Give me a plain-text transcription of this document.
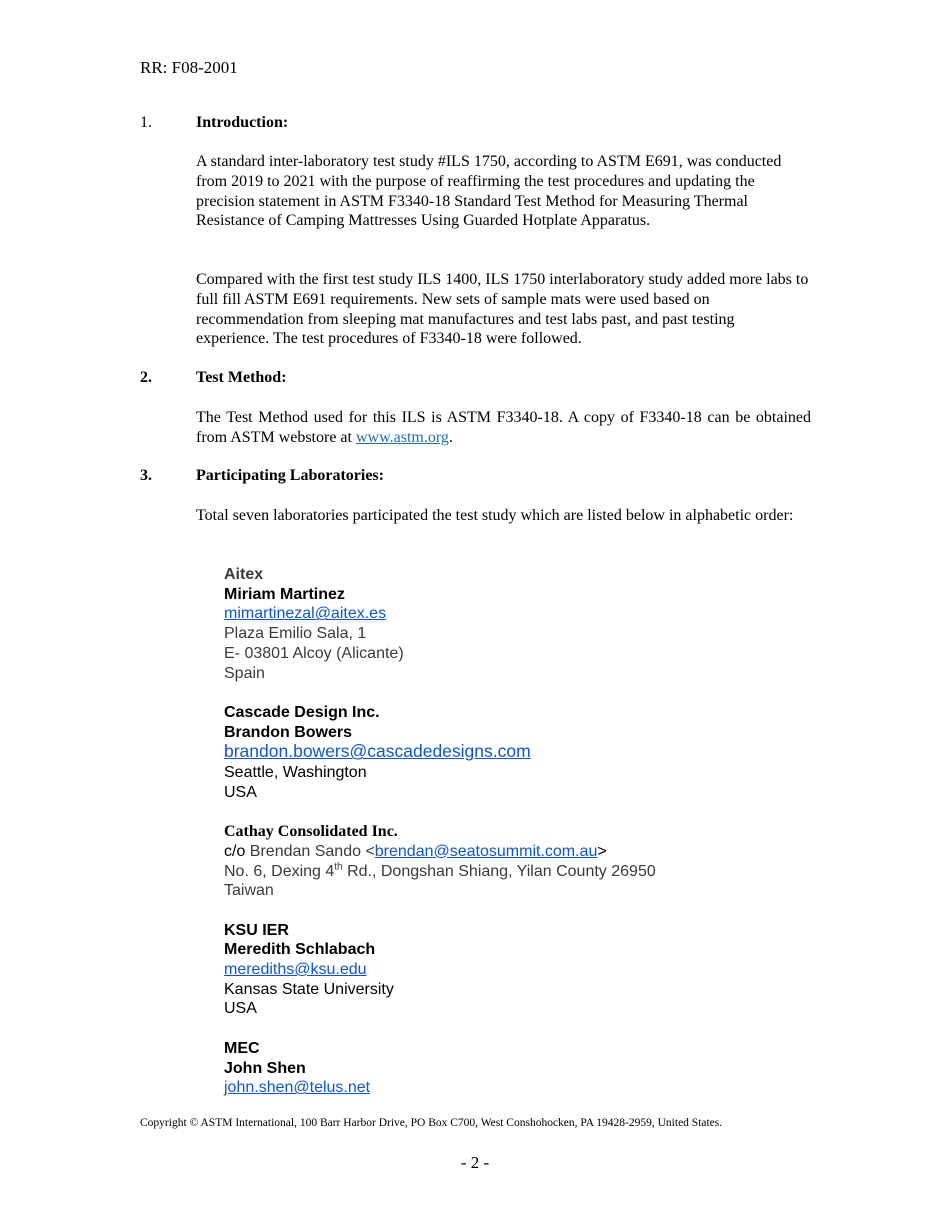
RR: F08-2001
1.	Introduction:
A standard inter-laboratory test study #ILS 1750, according to ASTM E691, was conducted from 2019 to 2021 with the purpose of reaffirming the test procedures and updating the precision statement in ASTM F3340-18 Standard Test Method for Measuring Thermal Resistance of Camping Mattresses Using Guarded Hotplate Apparatus.
Compared with the first test study ILS 1400, ILS 1750 interlaboratory study added more labs to full fill ASTM E691 requirements. New sets of sample mats were used based on recommendation from sleeping mat manufactures and test labs past, and past testing experience. The test procedures of F3340-18 were followed.
2.	Test Method:
The Test Method used for this ILS is ASTM F3340-18. A copy of F3340-18 can be obtained from ASTM webstore at www.astm.org.
3.	Participating Laboratories:
Total seven laboratories participated the test study which are listed below in alphabetic order:
Aitex
Miriam Martinez
mimartinezal@aitex.es
Plaza Emilio Sala, 1
E- 03801 Alcoy (Alicante)
Spain
Cascade Design Inc.
Brandon Bowers
brandon.bowers@cascadedesigns.com
Seattle, Washington
USA
Cathay Consolidated Inc.
c/o Brendan Sando <brendan@seatosummit.com.au>
No. 6, Dexing 4th Rd., Dongshan Shiang, Yilan County 26950
Taiwan
KSU IER
Meredith Schlabach
merediths@ksu.edu
Kansas State University
USA
MEC
John Shen
john.shen@telus.net
Copyright © ASTM International, 100 Barr Harbor Drive, PO Box C700, West Conshohocken, PA 19428-2959, United States.
- 2 -
